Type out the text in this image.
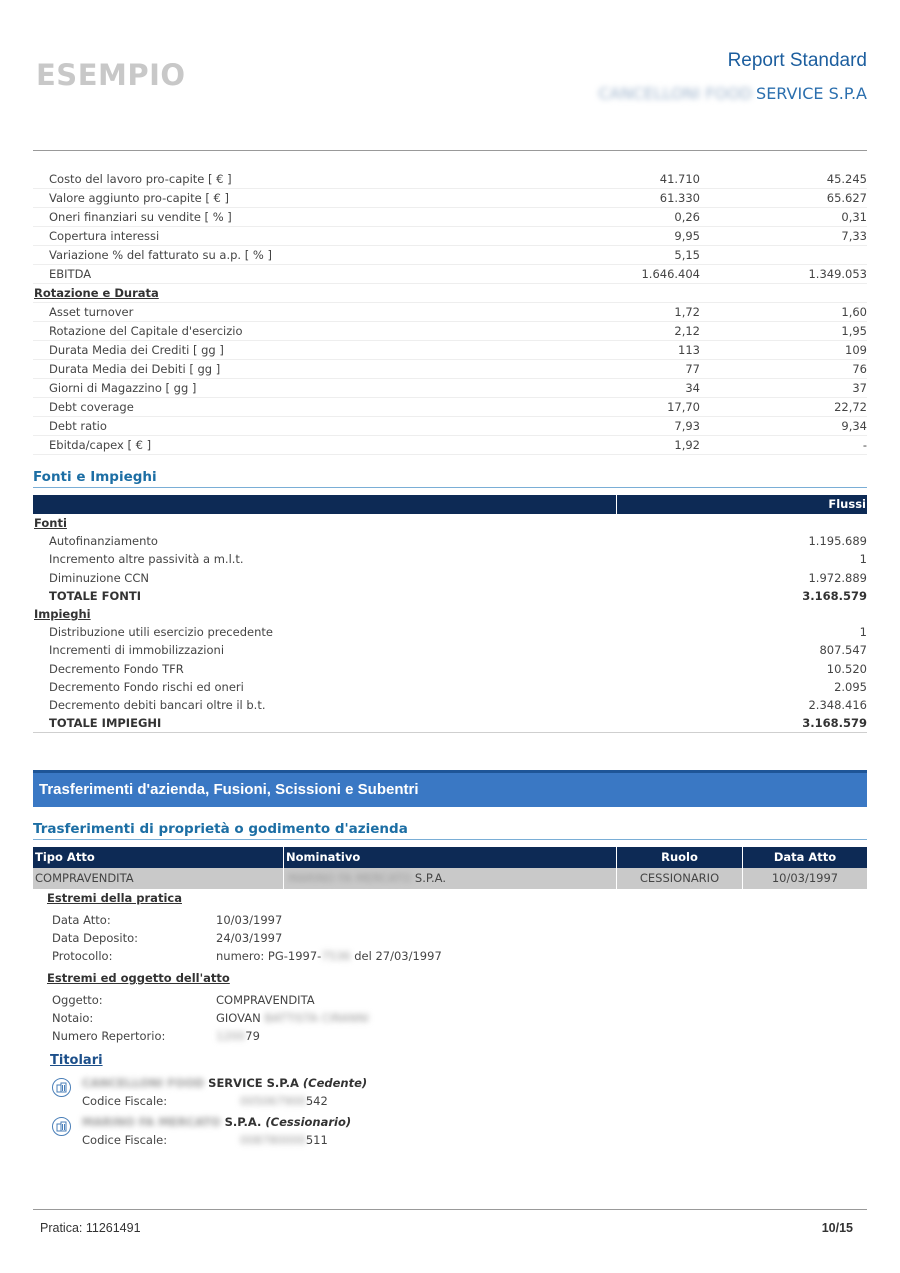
ESEMPIO	Report Standard
CANCELLONI FOOD SERVICE S.P.A
Costo del lavoro pro-capite [ € ]	41.710	45.245
Valore aggiunto pro-capite [ € ]	61.330	65.627
Oneri finanziari su vendite [ % ]	0,26	0,31
Copertura interessi	9,95	7,33
Variazione % del fatturato su a.p. [ % ]	5,15
EBITDA	1.646.404	1.349.053
Rotazione e Durata
Asset turnover	1,72	1,60
Rotazione del Capitale d'esercizio	2,12	1,95
Durata Media dei Crediti [ gg ]	113	109
Durata Media dei Debiti [ gg ]	77	76
Giorni di Magazzino [ gg ]	34	37
Debt coverage	17,70	22,72
Debt ratio	7,93	9,34
Ebitda/capex [ € ]	1,92	-
Fonti e Impieghi
Flussi
Fonti
Autofinanziamento	1.195.689
Incremento altre passività a m.l.t.	1
Diminuzione CCN	1.972.889
TOTALE FONTI	3.168.579
Impieghi
Distribuzione utili esercizio precedente	1
Incrementi di immobilizzazioni	807.547
Decremento Fondo TFR	10.520
Decremento Fondo rischi ed oneri	2.095
Decremento debiti bancari oltre il b.t.	2.348.416
TOTALE IMPIEGHI	3.168.579
Trasferimenti d'azienda, Fusioni, Scissioni e Subentri
Trasferimenti di proprietà o godimento d'azienda
Tipo Atto	Nominativo	Ruolo	Data Atto
COMPRAVENDITA	MARINO FA MERCATO S.P.A.	CESSIONARIO	10/03/1997
Estremi della pratica
Data Atto:	10/03/1997
Data Deposito:	24/03/1997
Protocollo:	numero: PG-1997-7536 del 27/03/1997
Estremi ed oggetto dell'atto
Oggetto:	COMPRAVENDITA
Notaio:	GIOVAN BATTISTA CIRANNI
Numero Repertorio:	120079
Titolari
CANCELLONI FOOD SERVICE S.P.A (Cedente)
Codice Fiscale:	005067900542
MARINO FA MERCATO S.P.A. (Cessionario)
Codice Fiscale:	008780000511
Pratica: 11261491	10/15
